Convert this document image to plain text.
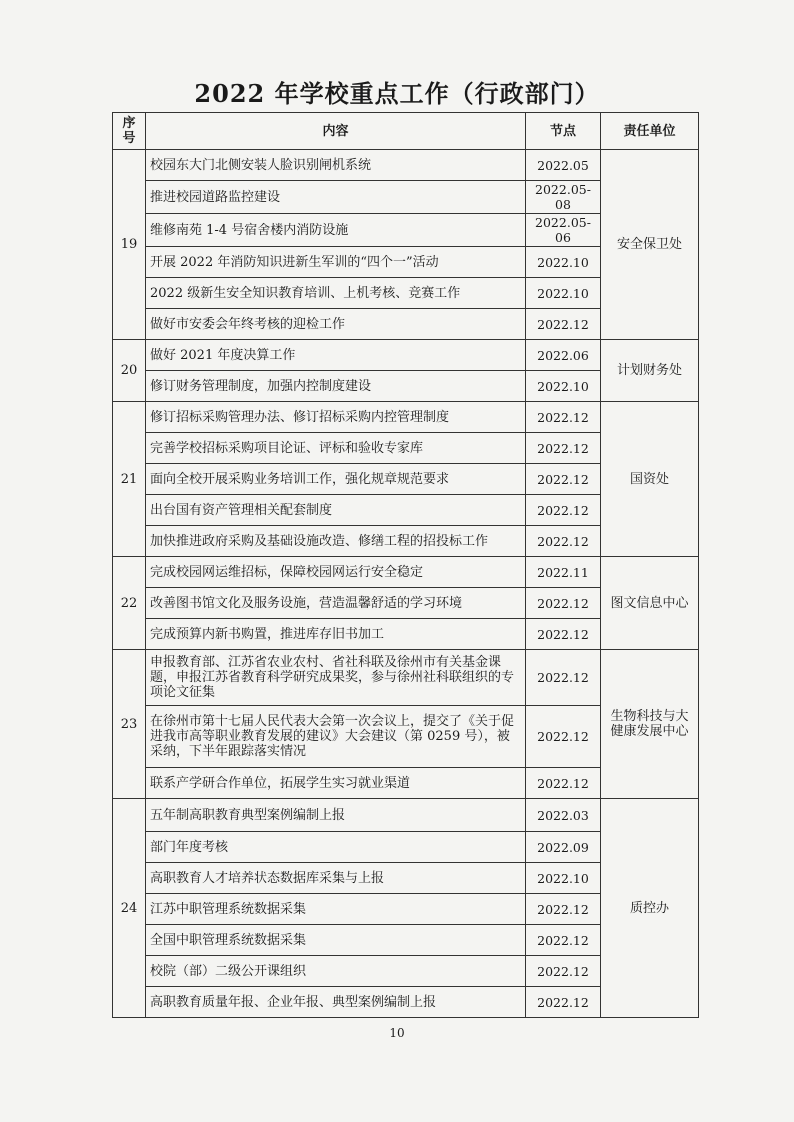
2022 年学校重点工作（行政部门）
序号	内容	节点	责任单位
19	校园东大门北侧安装人脸识别闸机系统	2022.05	安全保卫处
	推进校园道路监控建设	2022.05-08	
	维修南苑 1-4 号宿舍楼内消防设施	2022.05-06	
	开展 2022 年消防知识进新生军训的“四个一”活动	2022.10	
	2022 级新生安全知识教育培训、上机考核、竞赛工作	2022.10	
	做好市安委会年终考核的迎检工作	2022.12	
20	做好 2021 年度决算工作	2022.06	计划财务处
	修订财务管理制度，加强内控制度建设	2022.10	
21	修订招标采购管理办法、修订招标采购内控管理制度	2022.12	国资处
	完善学校招标采购项目论证、评标和验收专家库	2022.12	
	面向全校开展采购业务培训工作，强化规章规范要求	2022.12	
	出台国有资产管理相关配套制度	2022.12	
	加快推进政府采购及基础设施改造、修缮工程的招投标工作	2022.12	
22	完成校园网运维招标，保障校园网运行安全稳定	2022.11	图文信息中心
	改善图书馆文化及服务设施，营造温馨舒适的学习环境	2022.12	
	完成预算内新书购置，推进库存旧书加工	2022.12	
23	申报教育部、江苏省农业农村、省社科联及徐州市有关基金课题，申报江苏省教育科学研究成果奖，参与徐州社科联组织的专项论文征集	2022.12	生物科技与大健康发展中心
	在徐州市第十七届人民代表大会第一次会议上，提交了《关于促进我市高等职业教育发展的建议》大会建议（第 0259 号），被采纳，下半年跟踪落实情况	2022.12	
	联系产学研合作单位，拓展学生实习就业渠道	2022.12	
24	五年制高职教育典型案例编制上报	2022.03	质控办
	部门年度考核	2022.09	
	高职教育人才培养状态数据库采集与上报	2022.10	
	江苏中职管理系统数据采集	2022.12	
	全国中职管理系统数据采集	2022.12	
	校院（部）二级公开课组织	2022.12	
	高职教育质量年报、企业年报、典型案例编制上报	2022.12	
10
